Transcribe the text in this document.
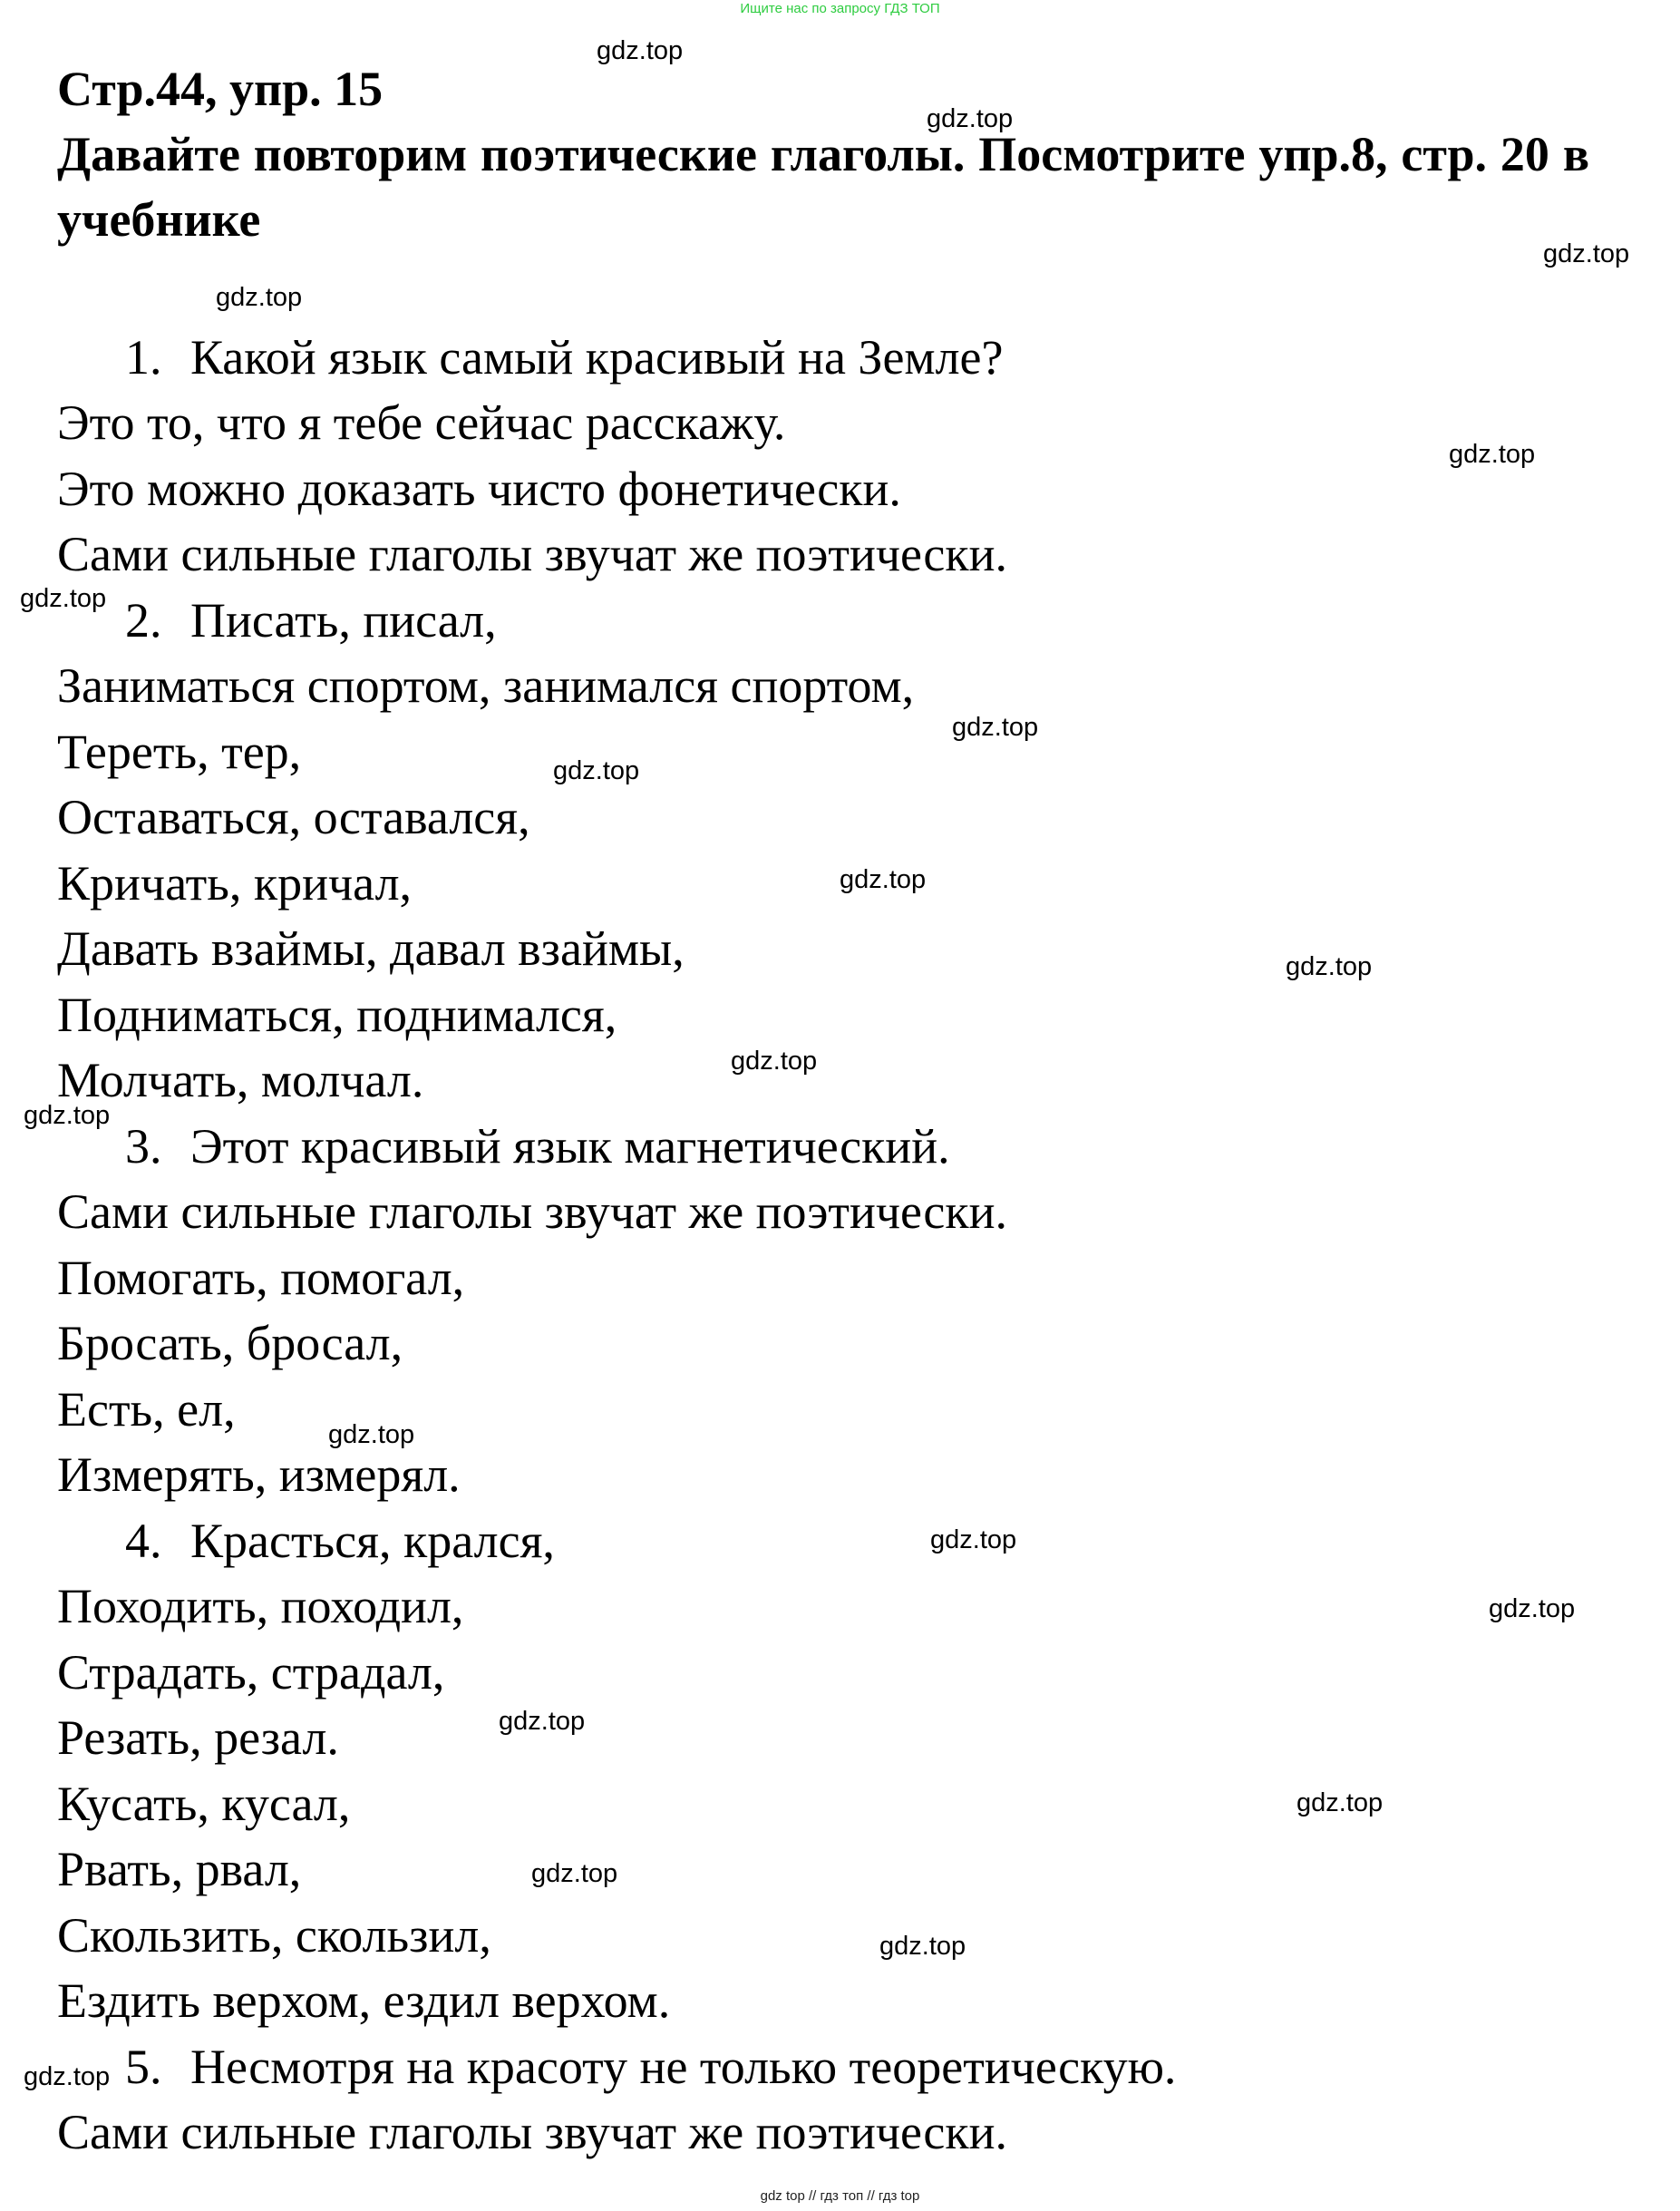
Ищите нас по запросу ГДЗ ТОП
Стр.44, упр. 15
Давайте повторим поэтические глаголы. Посмотрите упр.8, стр. 20 в учебнике
1. Какой язык самый красивый на Земле?
Это то, что я тебе сейчас расскажу.
Это можно доказать чисто фонетически.
Сами сильные глаголы звучат же поэтически.
2. Писать, писал,
Заниматься спортом, занимался спортом,
Тереть, тер,
Оставаться, оставался,
Кричать, кричал,
Давать взаймы, давал взаймы,
Подниматься, поднимался,
Молчать, молчал.
3. Этот красивый язык магнетический.
Сами сильные глаголы звучат же поэтически.
Помогать, помогал,
Бросать, бросал,
Есть, ел,
Измерять, измерял.
4. Красться, крался,
Походить, походил,
Страдать, страдал,
Резать, резал.
Кусать, кусал,
Рвать, рвал,
Скользить, скользил,
Ездить верхом, ездил верхом.
5. Несмотря на красоту не только теоретическую.
Сами сильные глаголы звучат же поэтически.
gdz.top
gdz.top
gdz.top
gdz.top
gdz.top
gdz.top
gdz.top
gdz.top
gdz.top
gdz.top
gdz.top
gdz.top
gdz.top
gdz.top
gdz.top
gdz.top
gdz.top
gdz.top
gdz.top
gdz.top
gdz top // гдз топ // гдз top
